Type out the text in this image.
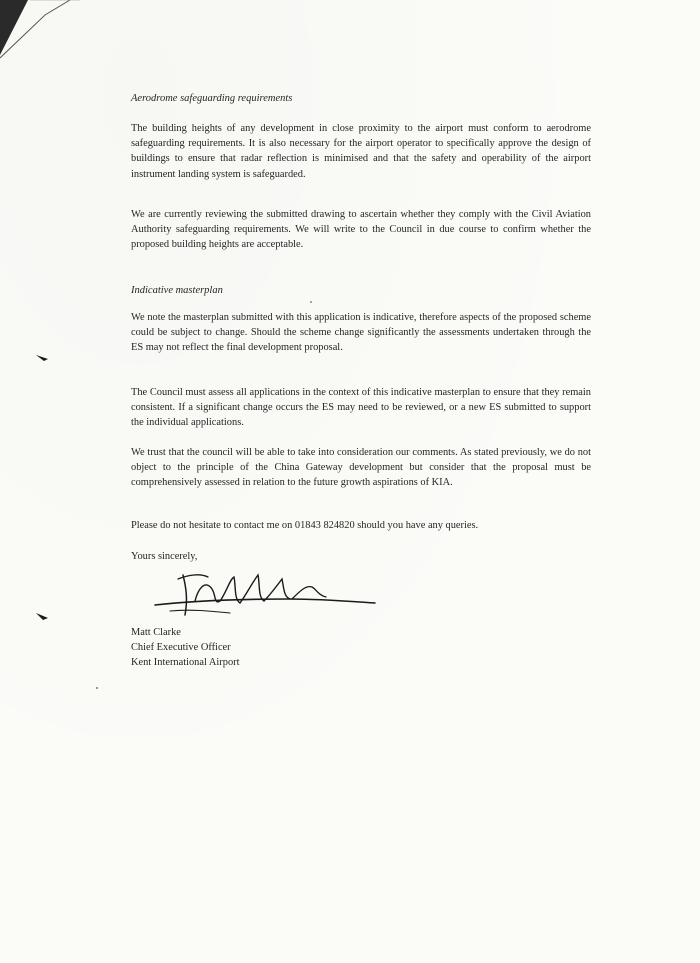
Aerodrome safeguarding requirements
The building heights of any development in close proximity to the airport must conform to aerodrome safeguarding requirements. It is also necessary for the airport operator to specifically approve the design of buildings to ensure that radar reflection is minimised and that the safety and operability of the airport instrument landing system is safeguarded.
We are currently reviewing the submitted drawing to ascertain whether they comply with the Civil Aviation Authority safeguarding requirements. We will write to the Council in due course to confirm whether the proposed building heights are acceptable.
Indicative masterplan
We note the masterplan submitted with this application is indicative, therefore aspects of the proposed scheme could be subject to change. Should the scheme change significantly the assessments undertaken through the ES may not reflect the final development proposal.
The Council must assess all applications in the context of this indicative masterplan to ensure that they remain consistent. If a significant change occurs the ES may need to be reviewed, or a new ES submitted to support the individual applications.
We trust that the council will be able to take into consideration our comments. As stated previously, we do not object to the principle of the China Gateway development but consider that the proposal must be comprehensively assessed in relation to the future growth aspirations of KIA.
Please do not hesitate to contact me on 01843 824820 should you have any queries.
Yours sincerely,
Matt Clarke
Chief Executive Officer
Kent International Airport
